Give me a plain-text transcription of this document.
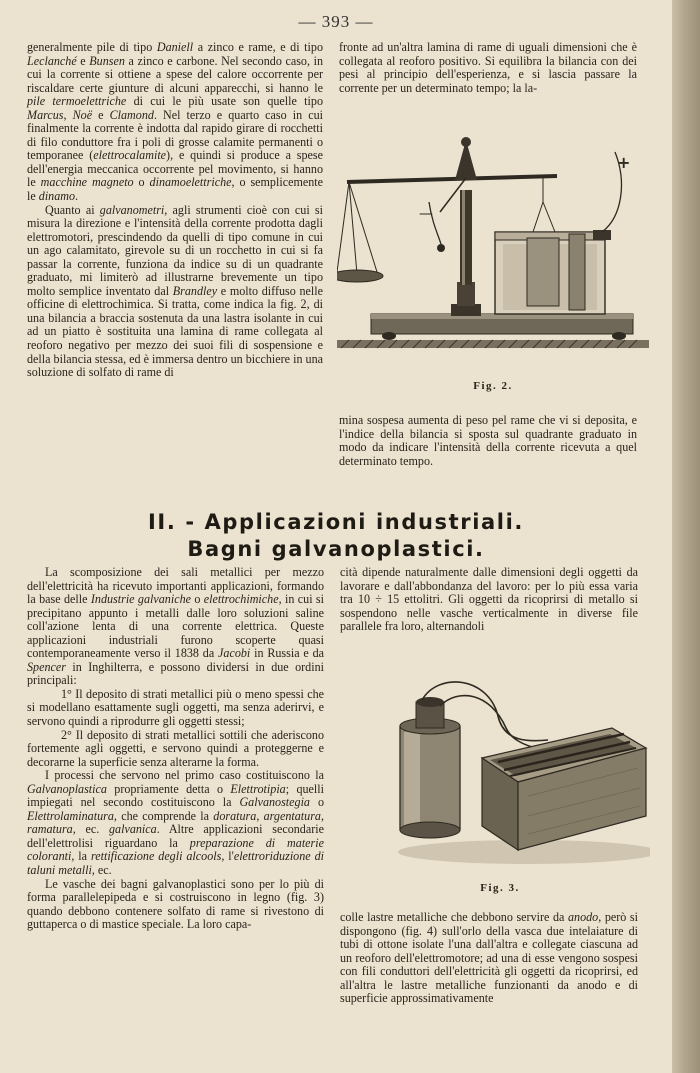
— 393 —

generalmente pile di tipo Daniell a zinco e rame, e di tipo Leclanché e Bunsen a zinco e carbone. Nel secondo caso, in cui la corrente si ottiene a spese del calore occorrente per riscaldare certe giunture di alcuni apparecchi, si hanno le pile termoelettriche di cui le più usate son quelle tipo Marcus, Noë e Clamond. Nel terzo e quarto caso in cui finalmente la corrente è indotta dal rapido girare di rocchetti di filo conduttore fra i poli di grosse calamite permanenti o temporanee (elettrocalamite), e quindi si produce a spese dell'energia meccanica occorrente pel movimento, si hanno le macchine magneto o dinamoelettriche, o semplicemente le dinamo.

Quanto ai galvanometri, agli strumenti cioè con cui si misura la direzione e l'intensità della corrente prodotta dagli elettromotori, prescindendo da quelli di tipo comune in cui un ago calamitato, girevole su di un rocchetto in cui si fa passar la corrente, funziona da indice su di un quadrante graduato, mi limiterò ad illustrarne brevemente un tipo molto semplice inventato dal Brandley e molto diffuso nelle officine di elettrochimica. Si tratta, come indica la fig. 2, di una bilancia a braccia sostenuta da una lastra isolante in cui ad un piatto è sostituita una lamina di rame collegata al reoforo negativo per mezzo dei suoi fili di sospensione e della bilancia stessa, ed è immersa dentro un bicchiere in una soluzione di solfato di rame di

fronte ad un'altra lamina di rame di uguali dimensioni che è collegata al reoforo positivo. Si equilibra la bilancia con dei pesi al principio dell'esperienza, e si lascia passare la corrente per un determinato tempo; la la-

—
+
Fig. 2.

mina sospesa aumenta di peso pel rame che vi si deposita, e l'indice della bilancia si sposta sul quadrante graduato in modo da indicare l'intensità della corrente ricevuta a quel determinato tempo.

II. - Applicazioni industriali.
Bagni galvanoplastici.

La scomposizione dei sali metallici per mezzo dell'elettricità ha ricevuto importanti applicazioni, formando la base delle Industrie galvaniche o elettrochimiche, in cui si precipitano appunto i metalli dalle loro soluzioni saline coll'azione lenta di una corrente elettrica. Queste applicazioni industriali furono scoperte quasi contemporaneamente verso il 1838 da Jacobi in Russia e da Spencer in Inghilterra, e possono dividersi in due ordini principali:

1° Il deposito di strati metallici più o meno spessi che si modellano esattamente sugli oggetti, ma senza aderirvi, e servono quindi a riprodurre gli oggetti stessi;

2° Il deposito di strati metallici sottili che aderiscono fortemente agli oggetti, e servono quindi a proteggerne e decorarne la superficie senza alterarne la forma.

I processi che servono nel primo caso costituiscono la Galvanoplastica propriamente detta o Elettrotipia; quelli impiegati nel secondo costituiscono la Galvanostegia o Elettrolaminatura, che comprende la doratura, argentatura, ramatura, ec. galvanica. Altre applicazioni secondarie dell'elettrolisi riguardano la preparazione di materie coloranti, la rettificazione degli alcools, l'elettroriduzione di taluni metalli, ec.

Le vasche dei bagni galvanoplastici sono per lo più di forma parallelepipeda e si costruiscono in legno (fig. 3) quando debbono contenere solfato di rame si rivestono di guttaperca o di mastice speciale. La loro capa-

cità dipende naturalmente dalle dimensioni degli oggetti da lavorare e dall'abbondanza del lavoro: per lo più essa varia tra 10 ÷ 15 ettolitri. Gli oggetti da ricoprirsi di metallo si sospendono nelle vasche verticalmente in diverse file parallele fra loro, alternandoli

Fig. 3.

colle lastre metalliche che debbono servire da anodo, però si dispongono (fig. 4) sull'orlo della vasca due intelaiature di tubi di ottone isolate l'una dall'altra e collegate ciascuna ad un reoforo dell'elettromotore; ad una di esse vengono sospesi con fili conduttori dell'elettricità gli oggetti da ricoprirsi, ed all'altra le lastre metalliche funzionanti da anodo e di superficie approssimativamente
